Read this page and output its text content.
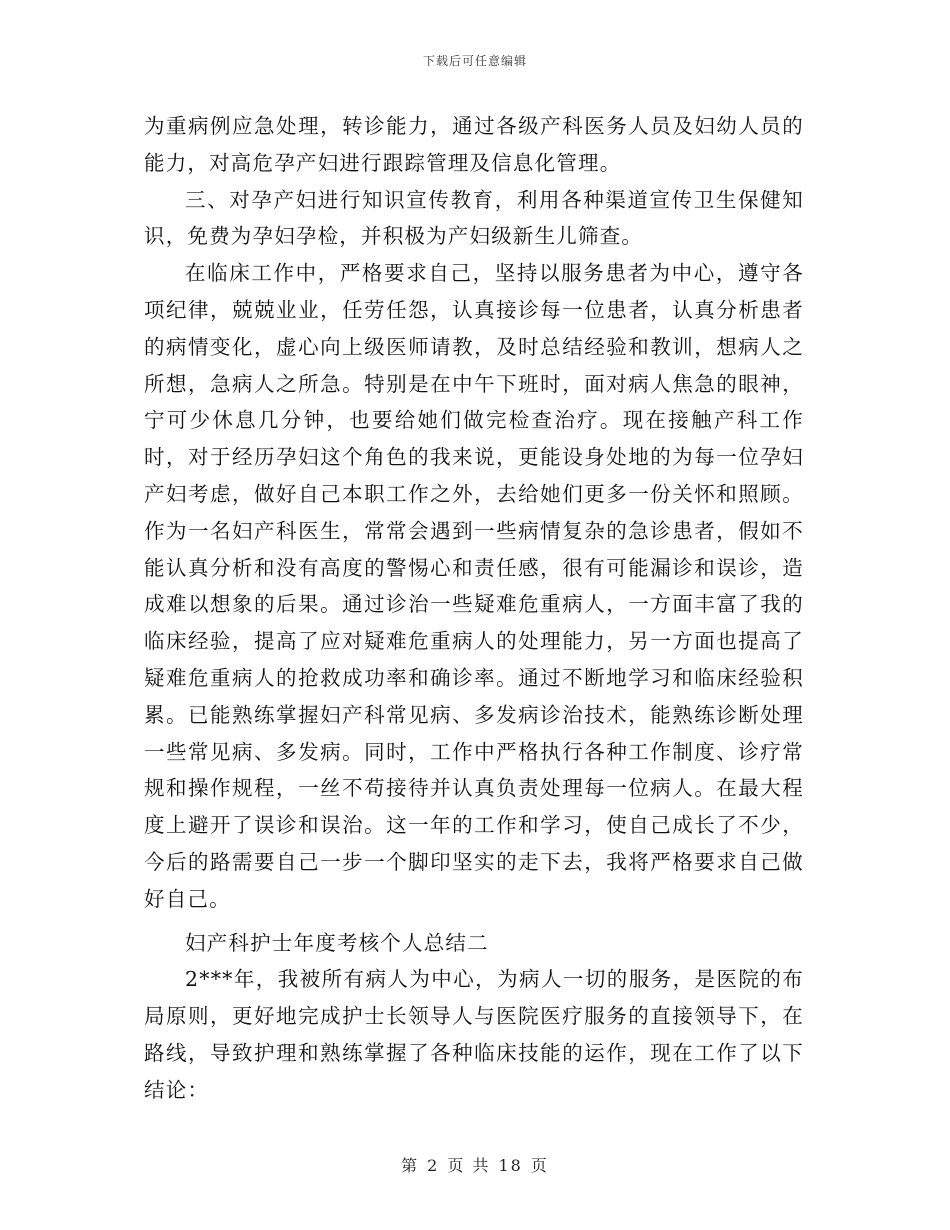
下载后可任意编辑

为重病例应急处理，转诊能力，通过各级产科医务人员及妇幼人员的能力，对高危孕产妇进行跟踪管理及信息化管理。

三、对孕产妇进行知识宣传教育，利用各种渠道宣传卫生保健知识，免费为孕妇孕检，并积极为产妇级新生儿筛查。

在临床工作中，严格要求自己，坚持以服务患者为中心，遵守各项纪律，兢兢业业，任劳任怨，认真接诊每一位患者，认真分析患者的病情变化，虚心向上级医师请教，及时总结经验和教训，想病人之所想，急病人之所急。特别是在中午下班时，面对病人焦急的眼神，宁可少休息几分钟，也要给她们做完检查治疗。现在接触产科工作时，对于经历孕妇这个角色的我来说，更能设身处地的为每一位孕妇产妇考虑，做好自己本职工作之外，去给她们更多一份关怀和照顾。作为一名妇产科医生，常常会遇到一些病情复杂的急诊患者，假如不能认真分析和没有高度的警惕心和责任感，很有可能漏诊和误诊，造成难以想象的后果。通过诊治一些疑难危重病人，一方面丰富了我的临床经验，提高了应对疑难危重病人的处理能力，另一方面也提高了疑难危重病人的抢救成功率和确诊率。通过不断地学习和临床经验积累。已能熟练掌握妇产科常见病、多发病诊治技术，能熟练诊断处理一些常见病、多发病。同时，工作中严格执行各种工作制度、诊疗常规和操作规程，一丝不苟接待并认真负责处理每一位病人。在最大程度上避开了误诊和误治。这一年的工作和学习，使自己成长了不少，今后的路需要自己一步一个脚印坚实的走下去，我将严格要求自己做好自己。

妇产科护士年度考核个人总结二

2***年，我被所有病人为中心，为病人一切的服务，是医院的布局原则，更好地完成护士长领导人与医院医疗服务的直接领导下，在路线，导致护理和熟练掌握了各种临床技能的运作，现在工作了以下结论：

第 2 页 共 18 页
